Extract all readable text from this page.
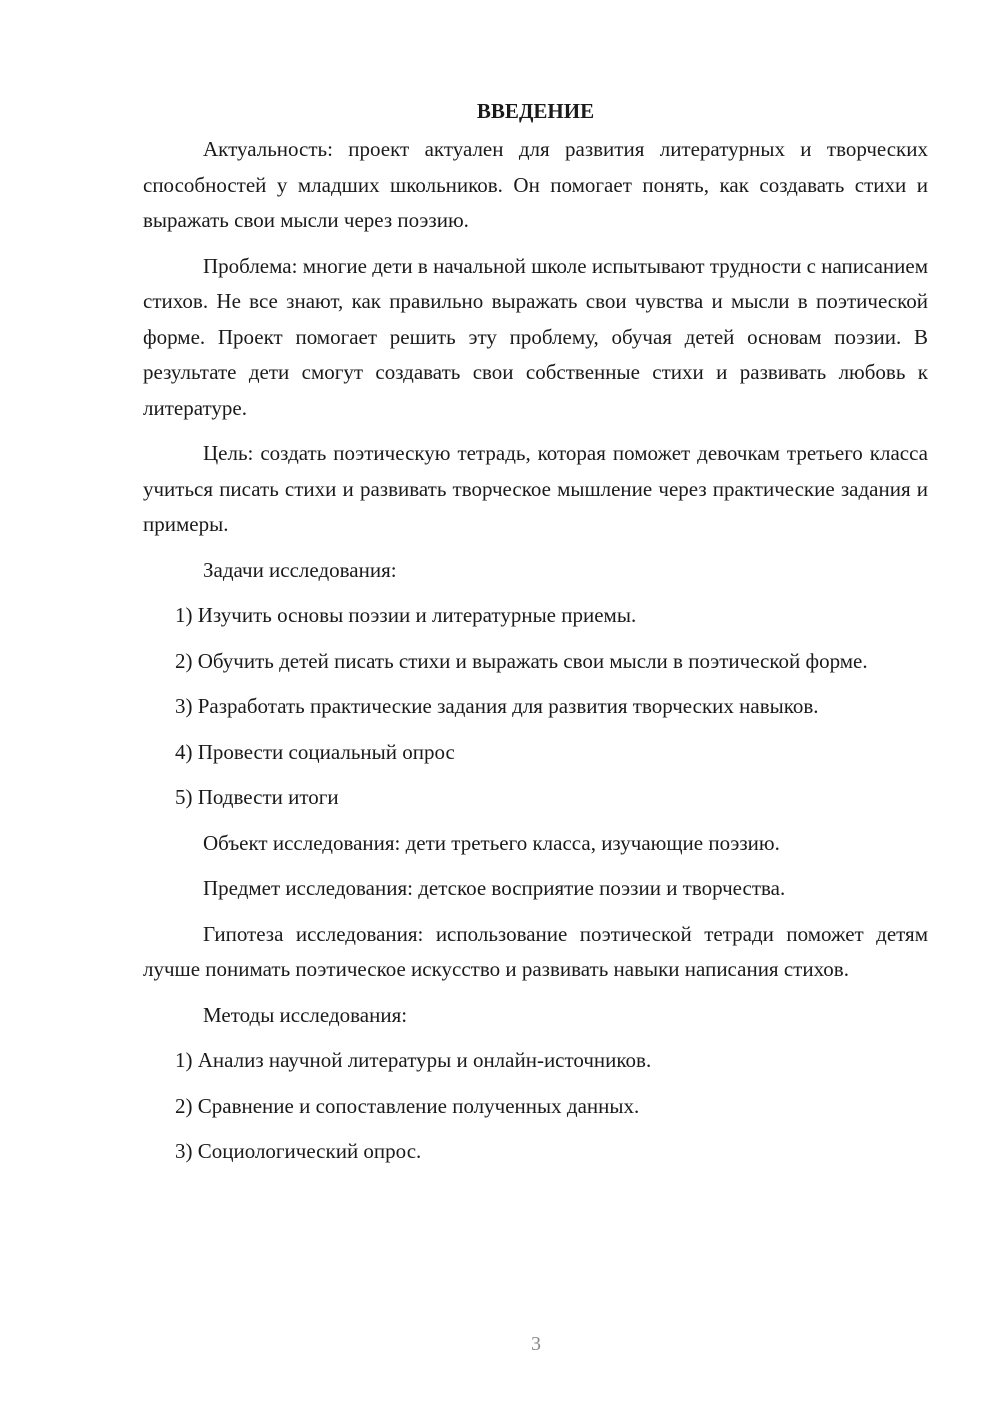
ВВЕДЕНИЕ

Актуальность: проект актуален для развития литературных и творческих способностей у младших школьников. Он помогает понять, как создавать стихи и выражать свои мысли через поэзию.

Проблема: многие дети в начальной школе испытывают трудности с написанием стихов. Не все знают, как правильно выражать свои чувства и мысли в поэтической форме. Проект помогает решить эту проблему, обучая детей основам поэзии. В результате дети смогут создавать свои собственные стихи и развивать любовь к литературе.

Цель: создать поэтическую тетрадь, которая поможет девочкам третьего класса учиться писать стихи и развивать творческое мышление через практические задания и примеры.

Задачи исследования:

1) Изучить основы поэзии и литературные приемы.

2) Обучить детей писать стихи и выражать свои мысли в поэтической форме.

3) Разработать практические задания для развития творческих навыков.

4) Провести социальный опрос

5) Подвести итоги

Объект исследования: дети третьего класса, изучающие поэзию.

Предмет исследования: детское восприятие поэзии и творчества.

Гипотеза исследования: использование поэтической тетради поможет детям лучше понимать поэтическое искусство и развивать навыки написания стихов.

Методы исследования:

1) Анализ научной литературы и онлайн-источников.

2) Сравнение и сопоставление полученных данных.

3) Социологический опрос.

3
